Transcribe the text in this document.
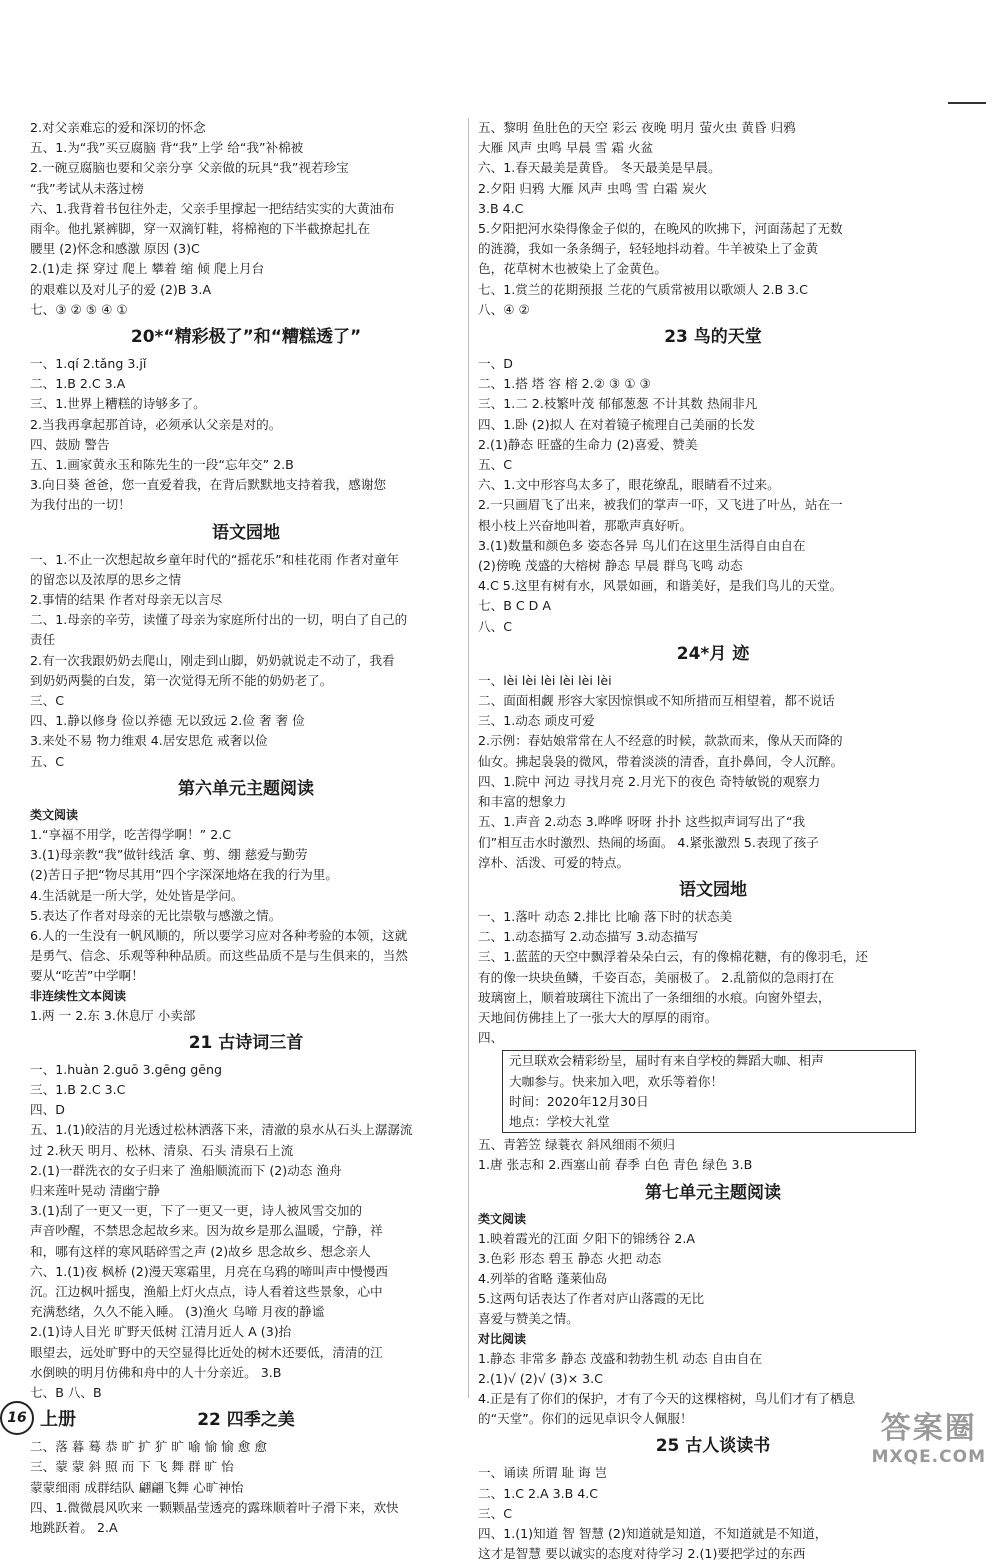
2.对父亲难忘的爱和深切的怀念
五、1.为“我”买豆腐脑 背“我”上学 给“我”补棉被
2.一碗豆腐脑也要和父亲分享 父亲做的玩具“我”视若珍宝
“我”考试从未落过榜
六、1.我背着书包往外走，父亲手里撑起一把结结实实的大黄油布
雨伞。他扎紧裤脚，穿一双滴钉鞋，将棉袍的下半截撩起扎在
腰里 (2)怀念和感激 原因 (3)C
2.(1)走 探 穿过 爬上 攀着 缩 倾 爬上月台
的艰难以及对儿子的爱 (2)B 3.A
七、③ ② ⑤ ④ ①
20*“精彩极了”和“糟糕透了”
一、1.qí 2.tǎng 3.jǐ
二、1.B 2.C 3.A
三、1.世界上糟糕的诗够多了。
2.当我再拿起那首诗，必须承认父亲是对的。
四、鼓励 警告
五、1.画家黄永玉和陈先生的一段“忘年交” 2.B
3.向日葵 爸爸，您一直爱着我，在背后默默地支持着我，感谢您
为我付出的一切！
语文园地
一、1.不止一次想起故乡童年时代的“摇花乐”和桂花雨 作者对童年
的留恋以及浓厚的思乡之情
2.事情的结果 作者对母亲无以言尽
二、1.母亲的辛劳，读懂了母亲为家庭所付出的一切，明白了自己的
责任
2.有一次我跟奶奶去爬山，刚走到山脚，奶奶就说走不动了，我看
到奶奶两鬓的白发，第一次觉得无所不能的奶奶老了。
三、C
四、1.静以修身 俭以养德 无以致远 2.俭 奢 奢 俭
3.来处不易 物力维艰 4.居安思危 戒奢以俭
五、C
第六单元主题阅读
类文阅读
1.“享福不用学，吃苦得学啊！” 2.C
3.(1)母亲教“我”做针线活 拿、剪、绷 慈爱与勤劳
(2)苦日子把“物尽其用”四个字深深地烙在我的行为里。
4.生活就是一所大学，处处皆是学问。
5.表达了作者对母亲的无比崇敬与感激之情。
6.人的一生没有一帆风顺的，所以要学习应对各种考验的本领，这就
是勇气、信念、乐观等种种品质。而这些品质不是与生俱来的，当然
要从“吃苦”中学啊！
非连续性文本阅读
1.两 一 2.东 3.休息厅 小卖部
21 古诗词三首
一、1.huàn 2.guō 3.gēng gēng
三、1.B 2.C 3.C
四、D
五、1.(1)皎洁的月光透过松林洒落下来，清澈的泉水从石头上潺潺流
过 2.秋天 明月、松林、清泉、石头 清泉石上流
2.(1)一群洗衣的女子归来了 渔船顺流而下 (2)动态 渔舟
归来莲叶晃动 清幽宁静
3.(1)刮了一更又一更，下了一更又一更，诗人被风雪交加的
声音吵醒，不禁思念起故乡来。因为故乡是那么温暖，宁静，祥
和，哪有这样的寒风聒碎雪之声 (2)故乡 思念故乡、想念亲人
六、1.(1)夜 枫桥 (2)漫天寒霜里，月亮在乌鸦的啼叫声中慢慢西
沉。江边枫叶摇曳，渔船上灯火点点，诗人看着这些景象，心中
充满愁绪，久久不能入睡。 (3)渔火 乌啼 月夜的静谧
2.(1)诗人目光 旷野天低树 江清月近人 A (3)抬
眼望去，远处旷野中的天空显得比近处的树木还要低，清清的江
水倒映的明月仿佛和舟中的人十分亲近。 3.B
七、B 八、B
22 四季之美
二、落 暮 蓦 恭 旷 扩 犷 旷 喻 愉 愉 愈 愈
三、蒙 蒙 斜 照 而 下 飞 舞 群 旷 怡
蒙蒙细雨 成群结队 翩翩飞舞 心旷神怡
四、1.微微晨风吹来 一颗颗晶莹透亮的露珠顺着叶子滑下来，欢快
地跳跃着。 2.A
五、黎明 鱼肚色的天空 彩云 夜晚 明月 萤火虫 黄昏 归鸦
大雁 风声 虫鸣 早晨 雪 霜 火盆
六、1.春天最美是黄昏。 冬天最美是早晨。
2.夕阳 归鸦 大雁 风声 虫鸣 雪 白霜 炭火
3.B 4.C
5.夕阳把河水染得像金子似的，在晚风的吹拂下，河面荡起了无数
的涟漪，我如一条条绸子，轻轻地抖动着。牛羊被染上了金黄
色，花草树木也被染上了金黄色。
七、1.赏兰的花期预报 兰花的气质常被用以歌颂人 2.B 3.C
八、④ ②
23 鸟的天堂
一、D
二、1.搭 塔 容 榕 2.② ③ ① ③
三、1.二 2.枝繁叶茂 郁郁葱葱 不计其数 热闹非凡
四、1.卧 (2)拟人 在对着镜子梳理自己美丽的长发
2.(1)静态 旺盛的生命力 (2)喜爱、赞美
五、C
六、1.文中形容鸟太多了，眼花缭乱，眼睛看不过来。
2.一只画眉飞了出来，被我们的掌声一吓，又飞进了叶丛，站在一
根小枝上兴奋地叫着，那歌声真好听。
3.(1)数量和颜色多 姿态各异 鸟儿们在这里生活得自由自在
(2)傍晚 茂盛的大榕树 静态 早晨 群鸟飞鸣 动态
4.C 5.这里有树有水，风景如画，和谐美好，是我们鸟儿的天堂。
七、B C D A
八、C
24*月 迹
一、lèi lèi lèi lèi lèi lèi
二、面面相觑 形容大家因惊惧或不知所措而互相望着，都不说话
三、1.动态 顽皮可爱
2.示例：春姑娘常常在人不经意的时候，款款而来，像从天而降的
仙女。拂起袅袅的微风，带着淡淡的清香，直扑鼻间，令人沉醉。
四、1.院中 河边 寻找月亮 2.月光下的夜色 奇特敏锐的观察力
和丰富的想象力
五、1.声音 2.动态 3.哗哗 呀呀 扑扑 这些拟声词写出了“我
们”相互击水时激烈、热闹的场面。 4.紧张激烈 5.表现了孩子
淳朴、活泼、可爱的特点。
语文园地
一、1.落叶 动态 2.排比 比喻 落下时的状态美
二、1.动态描写 2.动态描写 3.动态描写
三、1.蓝蓝的天空中飘浮着朵朵白云，有的像棉花糖，有的像羽毛，还
有的像一块块鱼鳞，千姿百态，美丽极了。 2.乱箭似的急雨打在
玻璃窗上，顺着玻璃往下流出了一条细细的水痕。向窗外望去，
天地间仿佛挂上了一张大大的厚厚的雨帘。
四、
元旦联欢会精彩纷呈，届时有来自学校的舞蹈大咖、相声
大咖参与。快来加入吧，欢乐等着你！
时间：2020年12月30日
地点：学校大礼堂
五、青箬笠 绿蓑衣 斜风细雨不须归
1.唐 张志和 2.西塞山前 春季 白色 青色 绿色 3.B
第七单元主题阅读
类文阅读
1.映着霞光的江面 夕阳下的锦绣谷 2.A
3.色彩 形态 碧玉 静态 火把 动态
4.列举的省略 蓬莱仙岛
5.这两句话表达了作者对庐山落霞的无比
喜爱与赞美之情。
对比阅读
1.静态 非常多 静态 茂盛和勃勃生机 动态 自由自在
2.(1)√ (2)√ (3)× 3.C
4.正是有了你们的保护，才有了今天的这棵榕树，鸟儿们才有了栖息
的“天堂”。你们的远见卓识令人佩服！
25 古人谈读书
一、诵读 所谓 耻 诲 岂
二、1.C 2.A 3.B 4.C
三、C
四、1.(1)知道 智 智慧 (2)知道就是知道，不知道就是不知道，
这才是智慧 要以诚实的态度对待学习 2.(1)要把学过的东西
16 上册	答案圈
MXQE.COM
